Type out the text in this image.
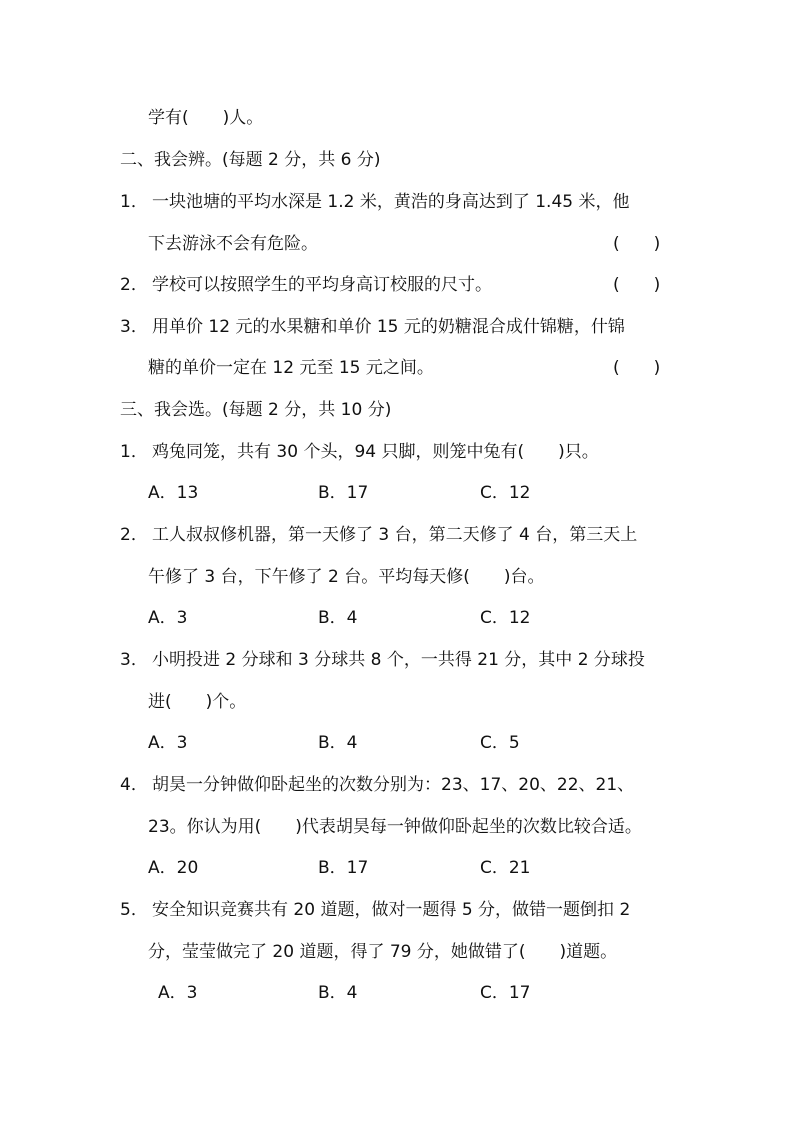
学有(　　)人。
二、我会辨。(每题 2 分，共 6 分)
1． 一块池塘的平均水深是 1.2 米，黄浩的身高达到了 1.45 米，他
下去游泳不会有危险。	(　　)
2． 学校可以按照学生的平均身高订校服的尺寸。	(　　)
3． 用单价 12 元的水果糖和单价 15 元的奶糖混合成什锦糖，什锦
糖的单价一定在 12 元至 15 元之间。	(　　)
三、我会选。(每题 2 分，共 10 分)
1． 鸡兔同笼，共有 30 个头，94 只脚，则笼中兔有(　　)只。
A．13	B．17	C．12
2． 工人叔叔修机器，第一天修了 3 台，第二天修了 4 台，第三天上
午修了 3 台，下午修了 2 台。平均每天修(　　)台。
A．3	B．4	C．12
3． 小明投进 2 分球和 3 分球共 8 个，一共得 21 分，其中 2 分球投
进(　　)个。
A．3	B．4	C．5
4． 胡昊一分钟做仰卧起坐的次数分别为：23、17、20、22、21、
23。你认为用(　　)代表胡昊每一钟做仰卧起坐的次数比较合适。
A．20	B．17	C．21
5． 安全知识竞赛共有 20 道题，做对一题得 5 分，做错一题倒扣 2
分，莹莹做完了 20 道题，得了 79 分，她做错了(　　)道题。
A．3	B．4	C．17
